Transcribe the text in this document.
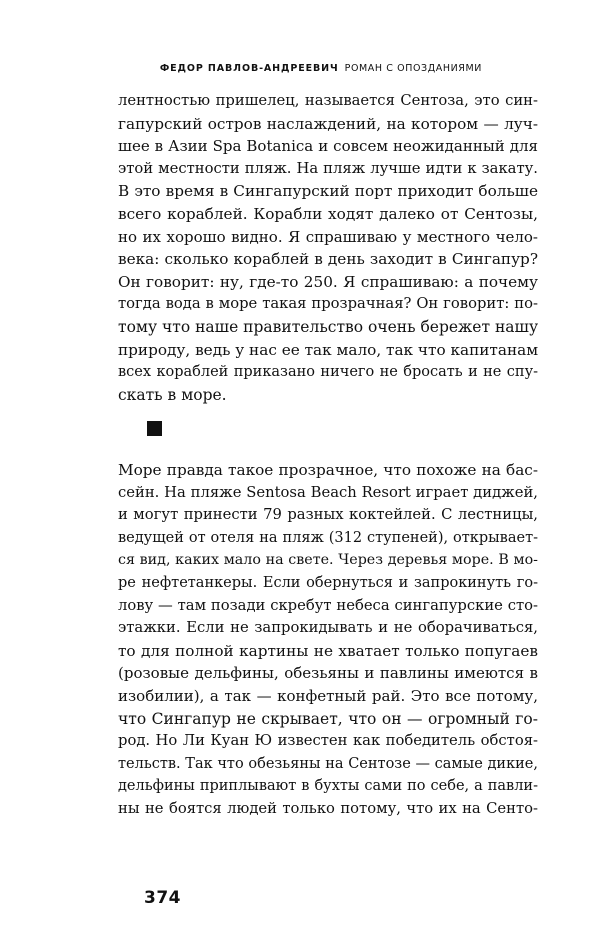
ФЕДОР ПАВЛОВ-АНДРЕЕВИЧ РОМАН С ОПОЗДАНИЯМИ
лентностью пришелец, называется Сентоза, это син-
гапурский остров наслаждений, на котором — луч-
шее в Азии Spa Botanica и совсем неожиданный для
этой местности пляж. На пляж лучше идти к закату.
В это время в Сингапурский порт приходит больше
всего кораблей. Корабли ходят далеко от Сентозы,
но их хорошо видно. Я спрашиваю у местного чело-
века: сколько кораблей в день заходит в Сингапур?
Он говорит: ну, где-то 250. Я спрашиваю: а почему
тогда вода в море такая прозрачная? Он говорит: по-
тому что наше правительство очень бережет нашу
природу, ведь у нас ее так мало, так что капитанам
всех кораблей приказано ничего не бросать и не спу-
скать в море.
Море правда такое прозрачное, что похоже на бас-
сейн. На пляже Sentosa Beach Resort играет диджей,
и могут принести 79 разных коктейлей. С лестницы,
ведущей от отеля на пляж (312 ступеней), открывает-
ся вид, каких мало на свете. Через деревья море. В мо-
ре нефтетанкеры. Если обернуться и запрокинуть го-
лову — там позади скребут небеса сингапурские сто-
этажки. Если не запрокидывать и не оборачиваться,
то для полной картины не хватает только попугаев
(розовые дельфины, обезьяны и павлины имеются в
изобилии), а так — конфетный рай. Это все потому,
что Сингапур не скрывает, что он — огромный го-
род. Но Ли Куан Ю известен как победитель обстоя-
тельств. Так что обезьяны на Сентозе — самые дикие,
дельфины приплывают в бухты сами по себе, а павли-
ны не боятся людей только потому, что их на Сенто-
374
